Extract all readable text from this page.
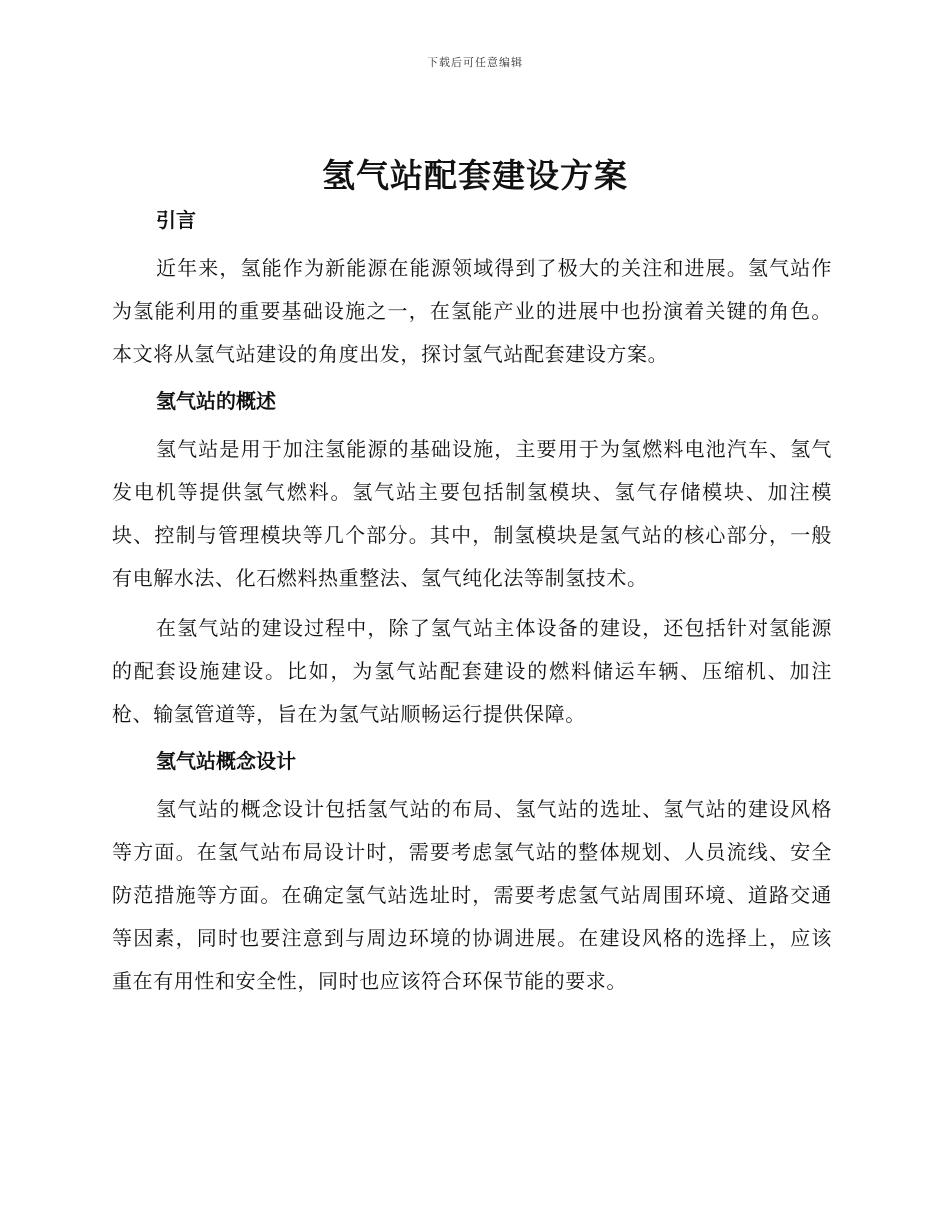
下载后可任意编辑
氢气站配套建设方案
引言

近年来，氢能作为新能源在能源领域得到了极大的关注和进展。氢气站作为氢能利用的重要基础设施之一，在氢能产业的进展中也扮演着关键的角色。本文将从氢气站建设的角度出发，探讨氢气站配套建设方案。

氢气站的概述

氢气站是用于加注氢能源的基础设施，主要用于为氢燃料电池汽车、氢气发电机等提供氢气燃料。氢气站主要包括制氢模块、氢气存储模块、加注模块、控制与管理模块等几个部分。其中，制氢模块是氢气站的核心部分，一般有电解水法、化石燃料热重整法、氢气纯化法等制氢技术。

在氢气站的建设过程中，除了氢气站主体设备的建设，还包括针对氢能源的配套设施建设。比如，为氢气站配套建设的燃料储运车辆、压缩机、加注枪、输氢管道等，旨在为氢气站顺畅运行提供保障。

氢气站概念设计

氢气站的概念设计包括氢气站的布局、氢气站的选址、氢气站的建设风格等方面。在氢气站布局设计时，需要考虑氢气站的整体规划、人员流线、安全防范措施等方面。在确定氢气站选址时，需要考虑氢气站周围环境、道路交通等因素，同时也要注意到与周边环境的协调进展。在建设风格的选择上，应该重在有用性和安全性，同时也应该符合环保节能的要求。
